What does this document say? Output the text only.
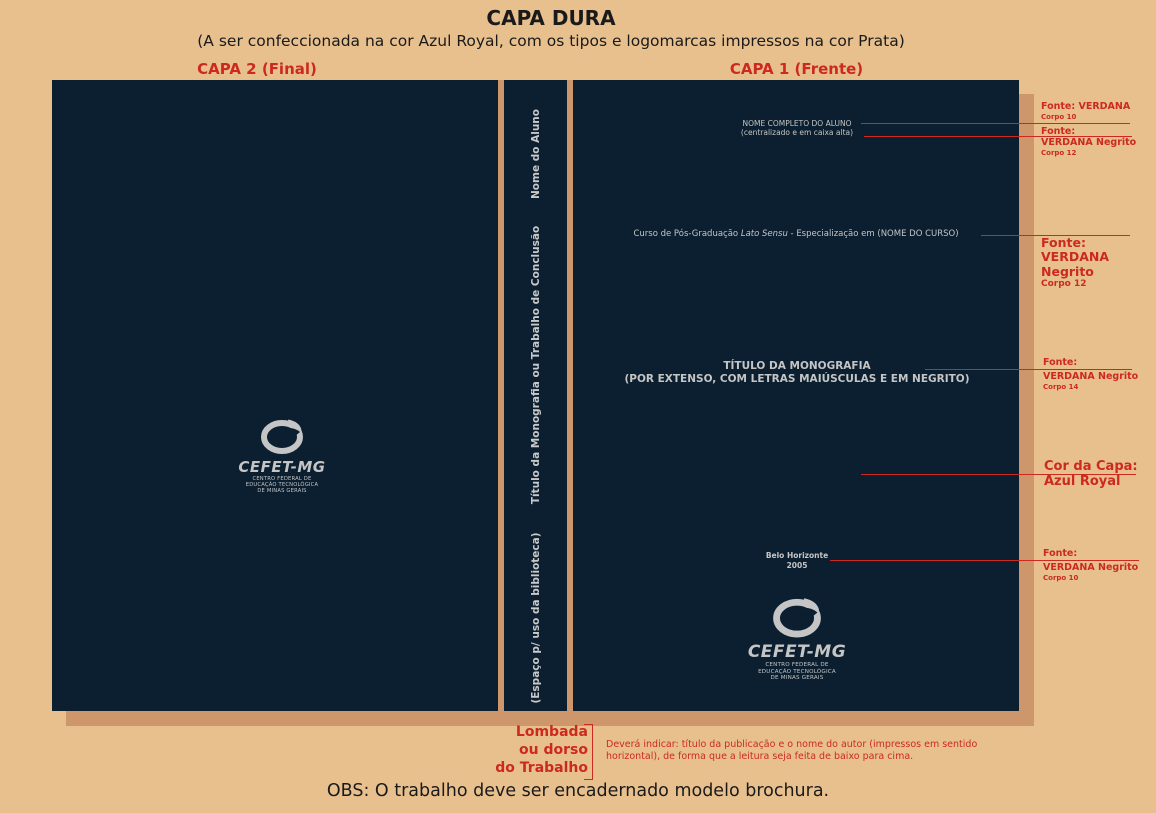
CAPA DURA
(A ser confeccionada na cor Azul Royal, com os tipos e logomarcas impressos na cor Prata)
CAPA 2 (Final)	CAPA 1 (Frente)
CEFET-MG
CENTRO FEDERAL DE
EDUCAÇÃO TECNOLÓGICA
DE MINAS GERAIS
Nome do Aluno
Título da Monografia ou Trabalho de Conclusão
(Espaço p/ uso da biblioteca)
NOME COMPLETO DO ALUNO
(centralizado e em caixa alta)
Curso de Pós-Graduação Lato Sensu - Especialização em (NOME DO CURSO)
TÍTULO DA MONOGRAFIA
(POR EXTENSO, COM LETRAS MAIÚSCULAS E EM NEGRITO)
Belo Horizonte
2005
CEFET-MG
CENTRO FEDERAL DE
EDUCAÇÃO TECNOLÓGICA
DE MINAS GERAIS
Fonte: VERDANA
Corpo 10
Fonte:
VERDANA Negrito
Corpo 12
Fonte:
VERDANA
Negrito
Corpo 12
Fonte:
VERDANA Negrito
Corpo 14
Cor da Capa:
Azul Royal
Fonte:
VERDANA Negrito
Corpo 10
Lombada
ou dorso
do Trabalho
Deverá indicar: título da publicação e o nome do autor (impressos em sentido horizontal), de forma que a leitura seja feita de baixo para cima.
OBS: O trabalho deve ser encadernado modelo brochura.
